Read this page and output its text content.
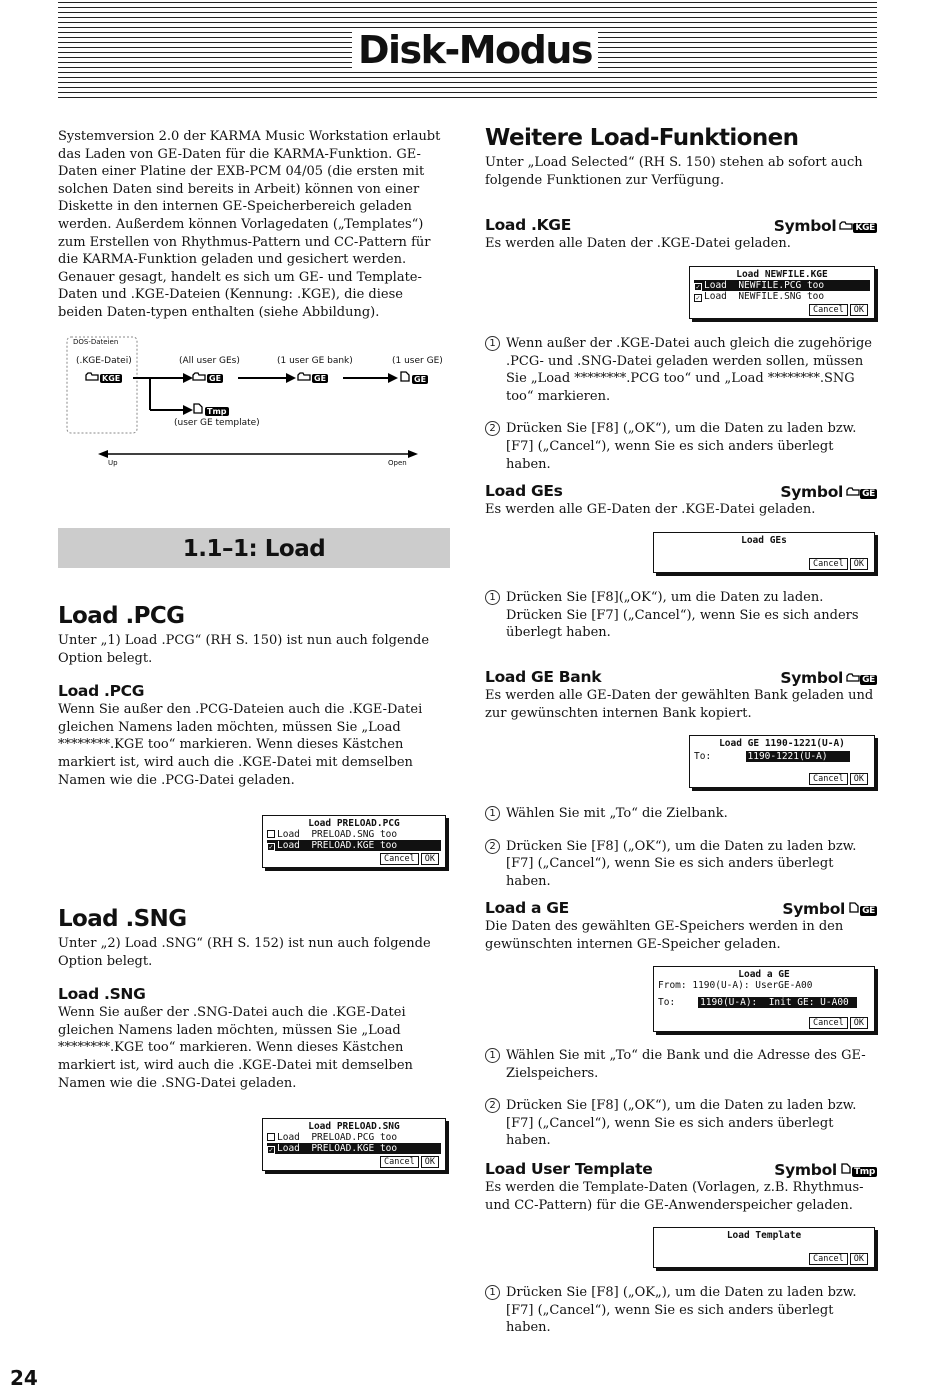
Disk-Modus
Systemversion 2.0 der KARMA Music Workstation erlaubt das Laden von GE-Daten für die KARMA-Funktion. GE-Daten einer Platine der EXB-PCM 04/05 (die ersten mit solchen Daten sind bereits in Arbeit) können von einer Diskette in den internen GE-Speicherbereich geladen werden. Außerdem können Vorlagedaten („Templates“) zum Erstellen von Rhythmus-Pattern und CC-Pattern für die KARMA-Funktion geladen und gesichert werden. Genauer gesagt, handelt es sich um GE- und Template-Daten und .KGE-Dateien (Kennung: .KGE), die diese beiden Daten-typen enthalten (siehe Abbildung).
DOS-Dateien
(.KGE-Datei)	(All user GEs)	(1 user GE bank)	(1 user GE)
(user GE template)
Up	Open
KGE	GE	GE	GE
Tmp
1.1–1: Load
Load .PCG
Unter „1) Load .PCG“ (RH S. 150) ist nun auch folgende Option belegt.
Load .PCG
Wenn Sie außer den .PCG-Dateien auch die .KGE-Datei gleichen Namens laden möchten, müssen Sie „Load ********.KGE too“ markieren. Wenn dieses Kästchen markiert ist, wird auch die .KGE-Datei mit demselben Namen wie die .PCG-Datei geladen.
Load PRELOAD.PCG
Load  PRELOAD.SNG too
✓ Load  PRELOAD.KGE too
Cancel OK
Load .SNG
Unter „2) Load .SNG“ (RH S. 152) ist nun auch folgende Option belegt.
Load .SNG
Wenn Sie außer der .SNG-Datei auch die .KGE-Datei gleichen Namens laden möchten, müssen Sie „Load ********.KGE too“ markieren. Wenn dieses Kästchen markiert ist, wird auch die .KGE-Datei mit demselben Namen wie die .SNG-Datei geladen.
Load PRELOAD.SNG
Load  PRELOAD.PCG too
✓ Load  PRELOAD.KGE too
Cancel OK
Weitere Load-Funktionen
Unter „Load Selected“ (RH S. 150) stehen ab sofort auch folgende Funktionen zur Verfügung.
Load .KGE	Symbol KGE
Es werden alle Daten der .KGE-Datei geladen.
Load NEWFILE.KGE
✓ Load  NEWFILE.PCG too
✓ Load  NEWFILE.SNG too
Cancel OK
1 Wenn außer der .KGE-Datei auch gleich die zugehörige .PCG- und .SNG-Datei geladen werden sollen, müssen Sie „Load ********.PCG too“ und „Load ********.SNG too“ markieren.
2 Drücken Sie [F8] („OK“), um die Daten zu laden bzw. [F7] („Cancel“), wenn Sie es sich anders überlegt haben.
Load GEs	Symbol GE
Es werden alle GE-Daten der .KGE-Datei geladen.
Load GEs
Cancel OK
1 Drücken Sie [F8](„OK“), um die Daten zu laden. Drücken Sie [F7] („Cancel“), wenn Sie es sich anders überlegt haben.
Load GE Bank	Symbol GE
Es werden alle GE-Daten der gewählten Bank geladen und zur gewünschten internen Bank kopiert.
Load GE 1190-1221(U-A)
To:	1190-1221(U-A)
Cancel OK
1 Wählen Sie mit „To“ die Zielbank.
2 Drücken Sie [F8] („OK“), um die Daten zu laden bzw. [F7] („Cancel“), wenn Sie es sich anders überlegt haben.
Load a GE	Symbol GE
Die Daten des gewählten GE-Speichers werden in den gewünschten internen GE-Speicher geladen.
Load a GE
From: 1190(U-A): UserGE-A00
To:	1190(U-A):  Init GE: U-A00
Cancel OK
1 Wählen Sie mit „To“ die Bank und die Adresse des GE-Zielspeichers.
2 Drücken Sie [F8] („OK“), um die Daten zu laden bzw. [F7] („Cancel“), wenn Sie es sich anders überlegt haben.
Load User Template	Symbol Tmp
Es werden die Template-Daten (Vorlagen, z.B. Rhythmus- und CC-Pattern) für die GE-Anwenderspeicher geladen.
Load Template
Cancel OK
1 Drücken Sie [F8] („OK„), um die Daten zu laden bzw. [F7] („Cancel“), wenn Sie es sich anders überlegt haben.
24
